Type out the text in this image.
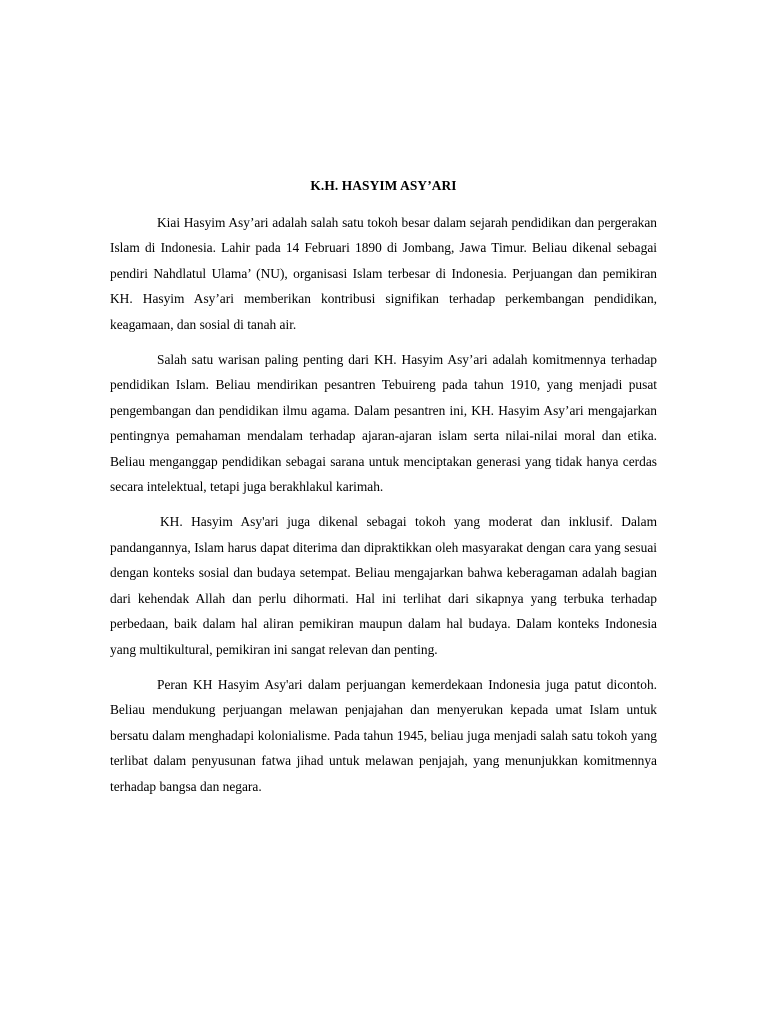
K.H. HASYIM ASY’ARI

Kiai Hasyim Asy’ari adalah salah satu tokoh besar dalam sejarah pendidikan dan pergerakan Islam di Indonesia. Lahir pada 14 Februari 1890 di Jombang, Jawa Timur. Beliau dikenal sebagai pendiri Nahdlatul Ulama’ (NU), organisasi Islam terbesar di Indonesia. Perjuangan dan pemikiran KH. Hasyim Asy’ari memberikan kontribusi signifikan terhadap perkembangan pendidikan, keagamaan, dan sosial di tanah air.

Salah satu warisan paling penting dari KH. Hasyim Asy’ari adalah komitmennya terhadap pendidikan Islam. Beliau mendirikan pesantren Tebuireng pada tahun 1910, yang menjadi pusat pengembangan dan pendidikan ilmu agama. Dalam pesantren ini, KH. Hasyim Asy’ari mengajarkan pentingnya pemahaman mendalam terhadap ajaran-ajaran islam serta nilai-nilai moral dan etika. Beliau menganggap pendidikan sebagai sarana untuk menciptakan generasi yang tidak hanya cerdas secara intelektual, tetapi juga berakhlakul karimah.

KH. Hasyim Asy'ari juga dikenal sebagai tokoh yang moderat dan inklusif. Dalam pandangannya, Islam harus dapat diterima dan dipraktikkan oleh masyarakat dengan cara yang sesuai dengan konteks sosial dan budaya setempat. Beliau mengajarkan bahwa keberagaman adalah bagian dari kehendak Allah dan perlu dihormati. Hal ini terlihat dari sikapnya yang terbuka terhadap perbedaan, baik dalam hal aliran pemikiran maupun dalam hal budaya. Dalam konteks Indonesia yang multikultural, pemikiran ini sangat relevan dan penting.

Peran KH Hasyim Asy'ari dalam perjuangan kemerdekaan Indonesia juga patut dicontoh. Beliau mendukung perjuangan melawan penjajahan dan menyerukan kepada umat Islam untuk bersatu dalam menghadapi kolonialisme. Pada tahun 1945, beliau juga menjadi salah satu tokoh yang terlibat dalam penyusunan fatwa jihad untuk melawan penjajah, yang menunjukkan komitmennya terhadap bangsa dan negara.
